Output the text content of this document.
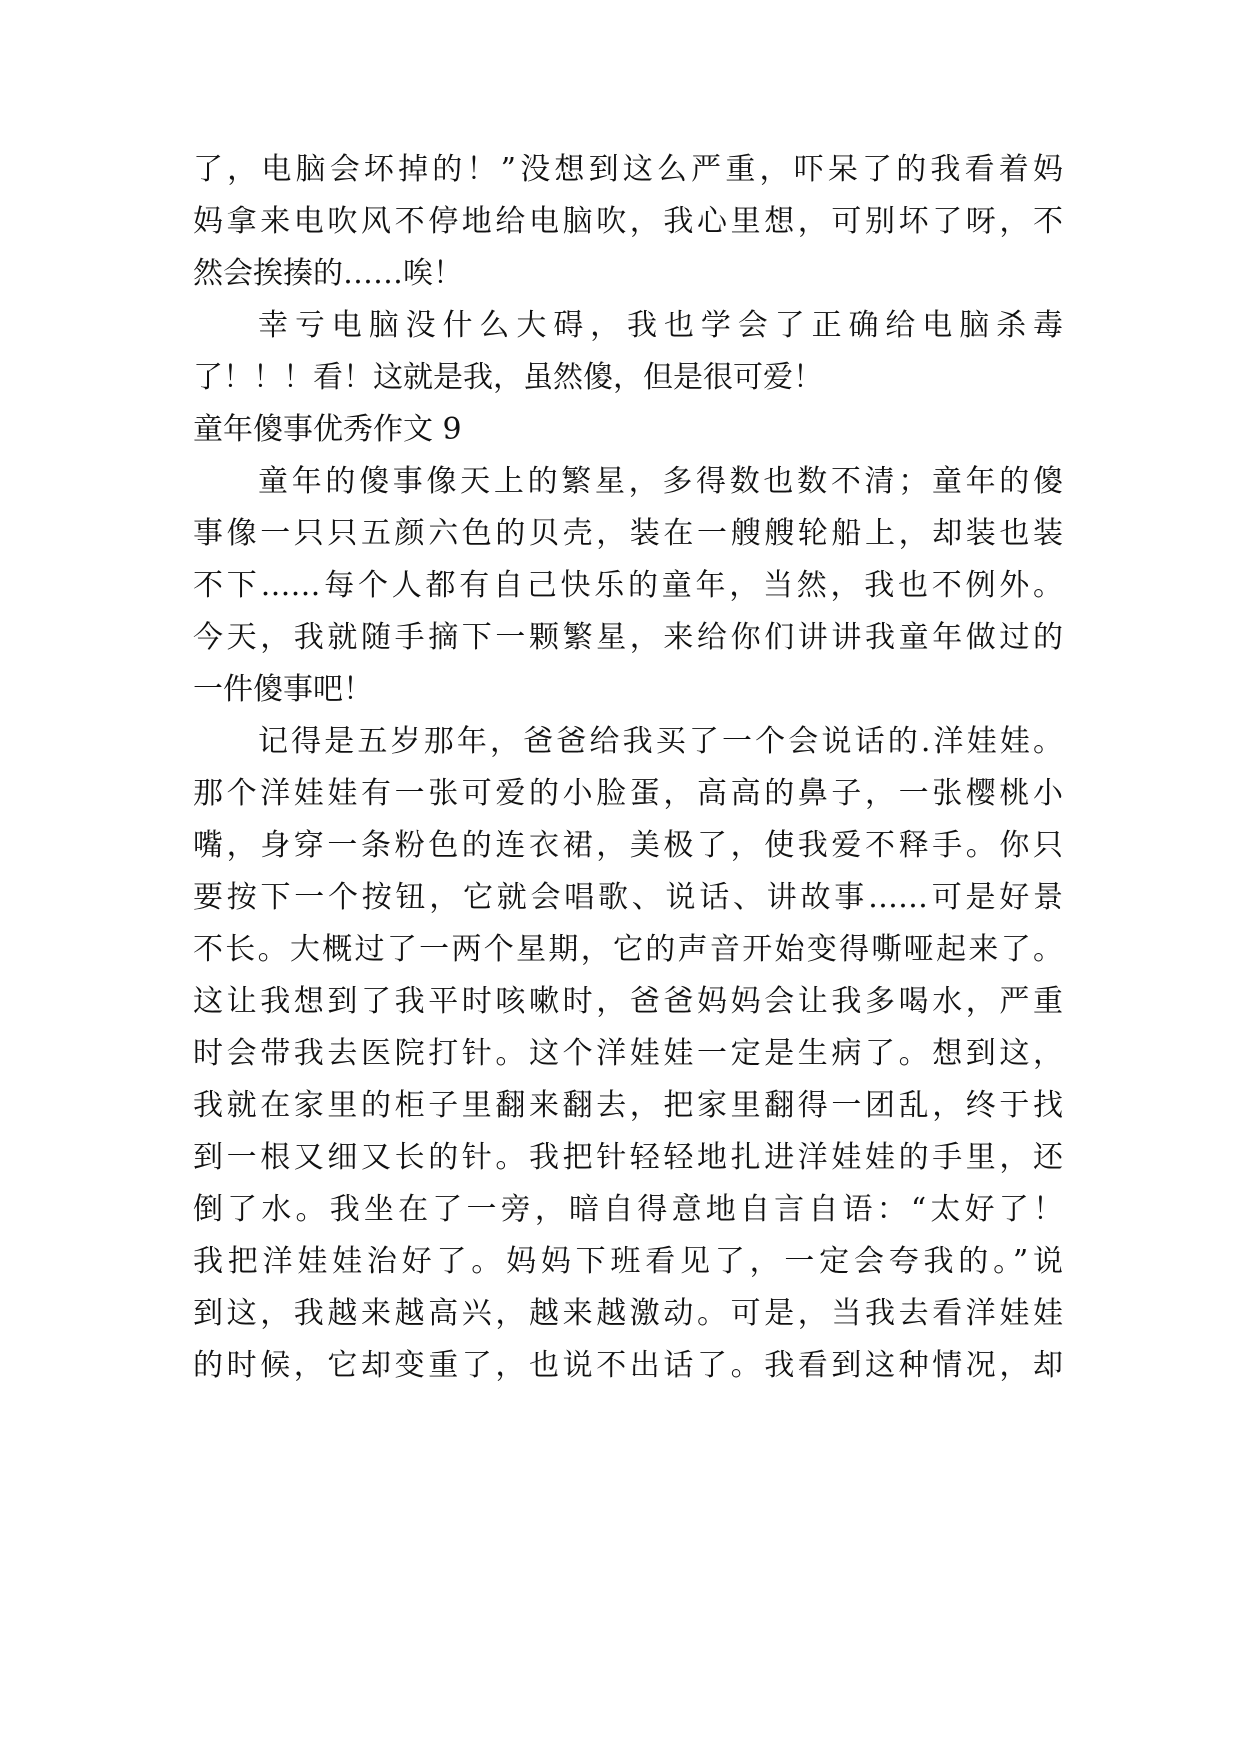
了，电脑会坏掉的！”没想到这么严重，吓呆了的我看着妈
妈拿来电吹风不停地给电脑吹，我心里想，可别坏了呀，不
然会挨揍的……唉！
幸亏电脑没什么大碍，我也学会了正确给电脑杀毒
了！！！看！这就是我，虽然傻，但是很可爱！
童年傻事优秀作文 9
童年的傻事像天上的繁星，多得数也数不清；童年的傻
事像一只只五颜六色的贝壳，装在一艘艘轮船上，却装也装
不下……每个人都有自己快乐的童年，当然，我也不例外。
今天，我就随手摘下一颗繁星，来给你们讲讲我童年做过的
一件傻事吧！
记得是五岁那年，爸爸给我买了一个会说话的.洋娃娃。
那个洋娃娃有一张可爱的小脸蛋，高高的鼻子，一张樱桃小
嘴，身穿一条粉色的连衣裙，美极了，使我爱不释手。你只
要按下一个按钮，它就会唱歌、说话、讲故事……可是好景
不长。大概过了一两个星期，它的声音开始变得嘶哑起来了。
这让我想到了我平时咳嗽时，爸爸妈妈会让我多喝水，严重
时会带我去医院打针。这个洋娃娃一定是生病了。想到这，
我就在家里的柜子里翻来翻去，把家里翻得一团乱，终于找
到一根又细又长的针。我把针轻轻地扎进洋娃娃的手里，还
倒了水。我坐在了一旁，暗自得意地自言自语：“太好了！
我把洋娃娃治好了。妈妈下班看见了，一定会夸我的。”说
到这，我越来越高兴，越来越激动。可是，当我去看洋娃娃
的时候，它却变重了，也说不出话了。我看到这种情况，却
